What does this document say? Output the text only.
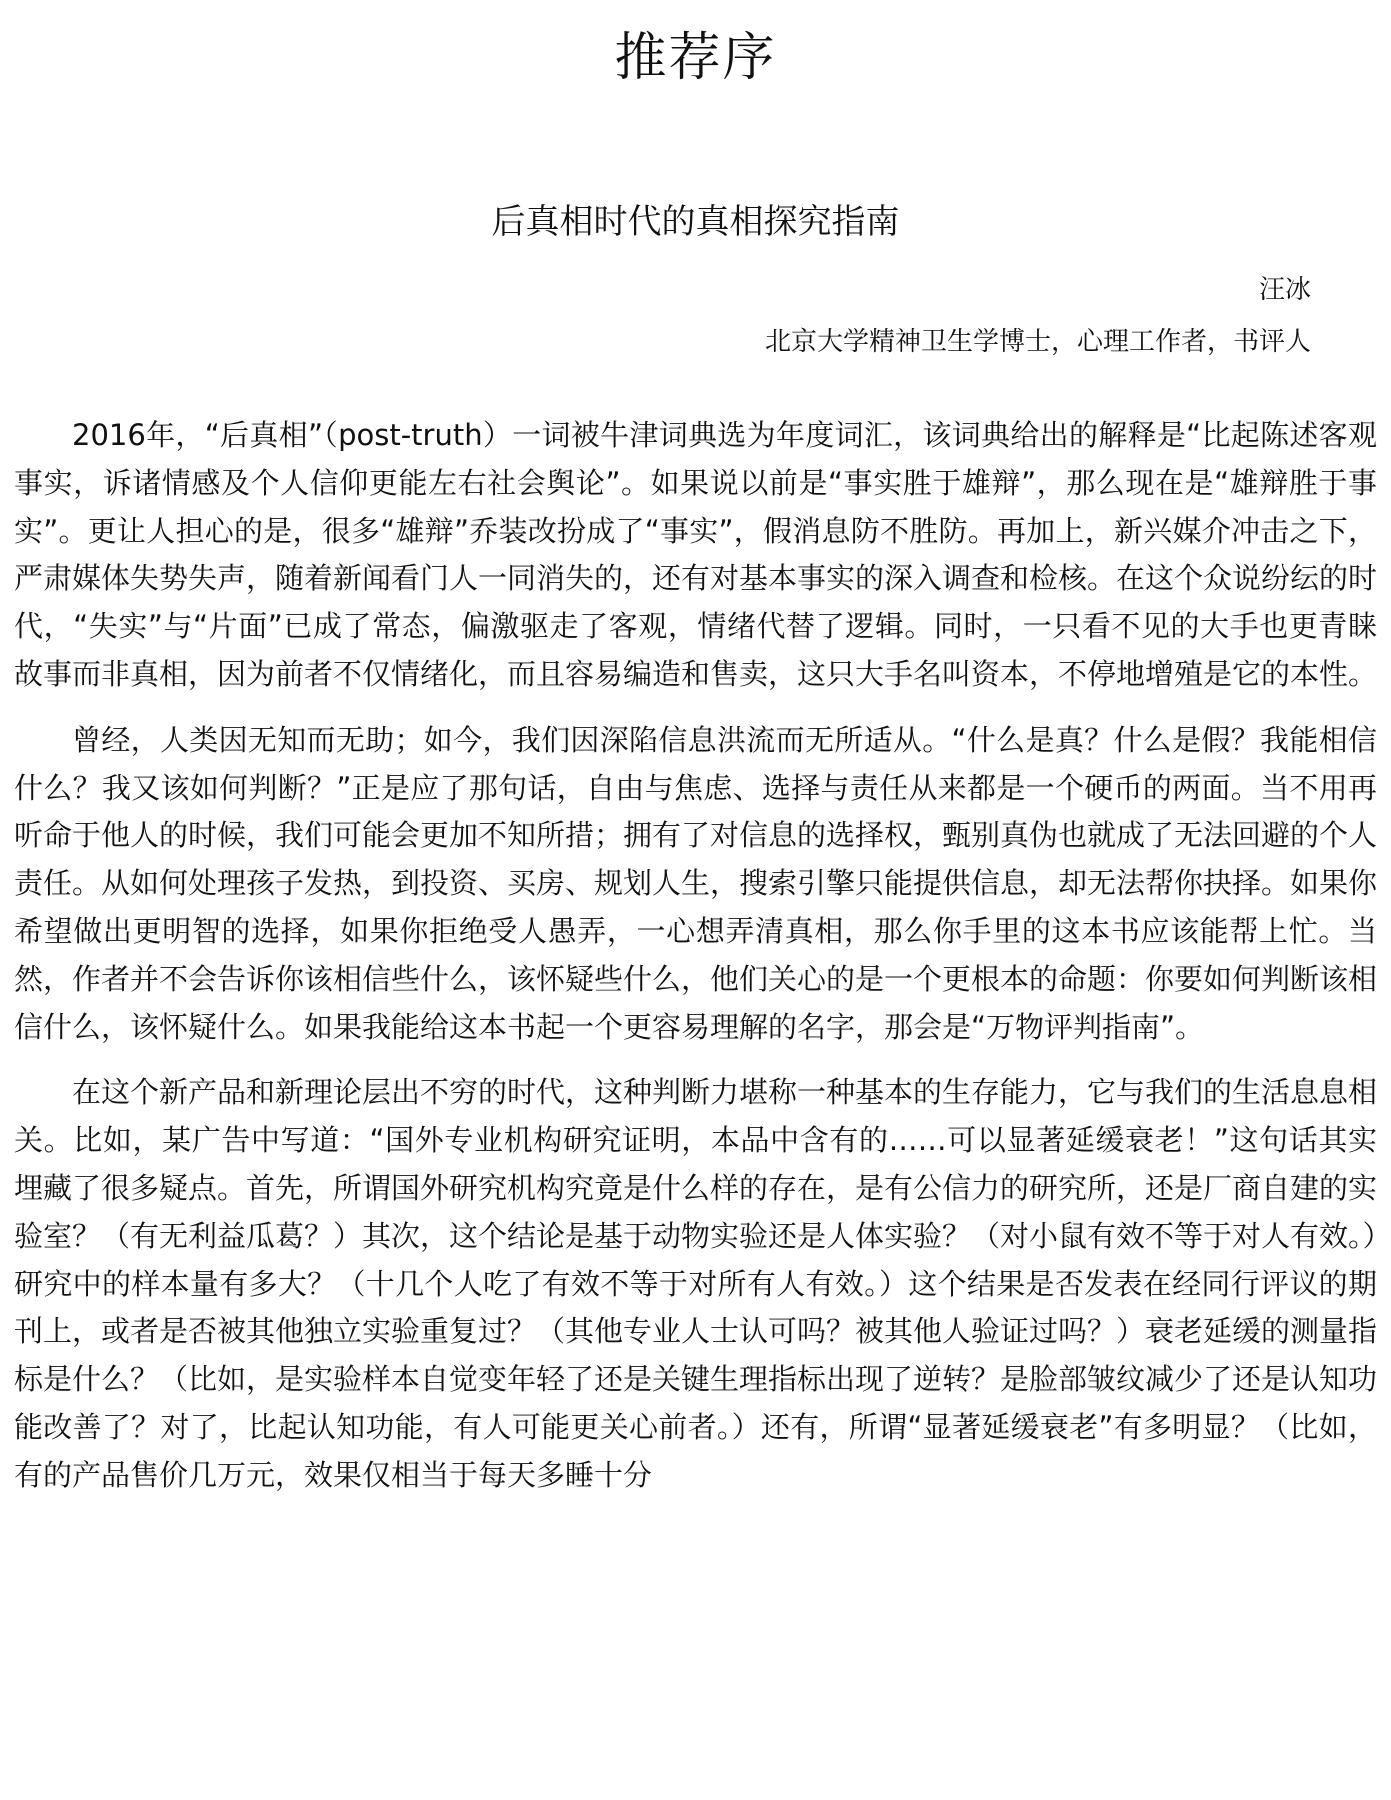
推荐序
后真相时代的真相探究指南

汪冰

北京大学精神卫生学博士，心理工作者，书评人

2016年，“后真相”（post-truth）一词被牛津词典选为年度词汇，该词典给出的解释是“比起陈述客观事实，诉诸情感及个人信仰更能左右社会舆论”。如果说以前是“事实胜于雄辩”，那么现在是“雄辩胜于事实”。更让人担心的是，很多“雄辩”乔装改扮成了“事实”，假消息防不胜防。再加上，新兴媒介冲击之下，严肃媒体失势失声，随着新闻看门人一同消失的，还有对基本事实的深入调查和检核。在这个众说纷纭的时代，“失实”与“片面”已成了常态，偏激驱走了客观，情绪代替了逻辑。同时，一只看不见的大手也更青睐故事而非真相，因为前者不仅情绪化，而且容易编造和售卖，这只大手名叫资本，不停地增殖是它的本性。

曾经，人类因无知而无助；如今，我们因深陷信息洪流而无所适从。“什么是真？什么是假？我能相信什么？我又该如何判断？”正是应了那句话，自由与焦虑、选择与责任从来都是一个硬币的两面。当不用再听命于他人的时候，我们可能会更加不知所措；拥有了对信息的选择权，甄别真伪也就成了无法回避的个人责任。从如何处理孩子发热，到投资、买房、规划人生，搜索引擎只能提供信息，却无法帮你抉择。如果你希望做出更明智的选择，如果你拒绝受人愚弄，一心想弄清真相，那么你手里的这本书应该能帮上忙。当然，作者并不会告诉你该相信些什么，该怀疑些什么，他们关心的是一个更根本的命题：你要如何判断该相信什么，该怀疑什么。如果我能给这本书起一个更容易理解的名字，那会是“万物评判指南”。

在这个新产品和新理论层出不穷的时代，这种判断力堪称一种基本的生存能力，它与我们的生活息息相关。比如，某广告中写道：“国外专业机构研究证明，本品中含有的……可以显著延缓衰老！”这句话其实埋藏了很多疑点。首先，所谓国外研究机构究竟是什么样的存在，是有公信力的研究所，还是厂商自建的实验室？（有无利益瓜葛？）其次，这个结论是基于动物实验还是人体实验？（对小鼠有效不等于对人有效。）研究中的样本量有多大？（十几个人吃了有效不等于对所有人有效。）这个结果是否发表在经同行评议的期刊上，或者是否被其他独立实验重复过？（其他专业人士认可吗？被其他人验证过吗？）衰老延缓的测量指标是什么？（比如，是实验样本自觉变年轻了还是关键生理指标出现了逆转？是脸部皱纹减少了还是认知功能改善了？对了，比起认知功能，有人可能更关心前者。）还有，所谓“显著延缓衰老”有多明显？（比如，有的产品售价几万元，效果仅相当于每天多睡十分
